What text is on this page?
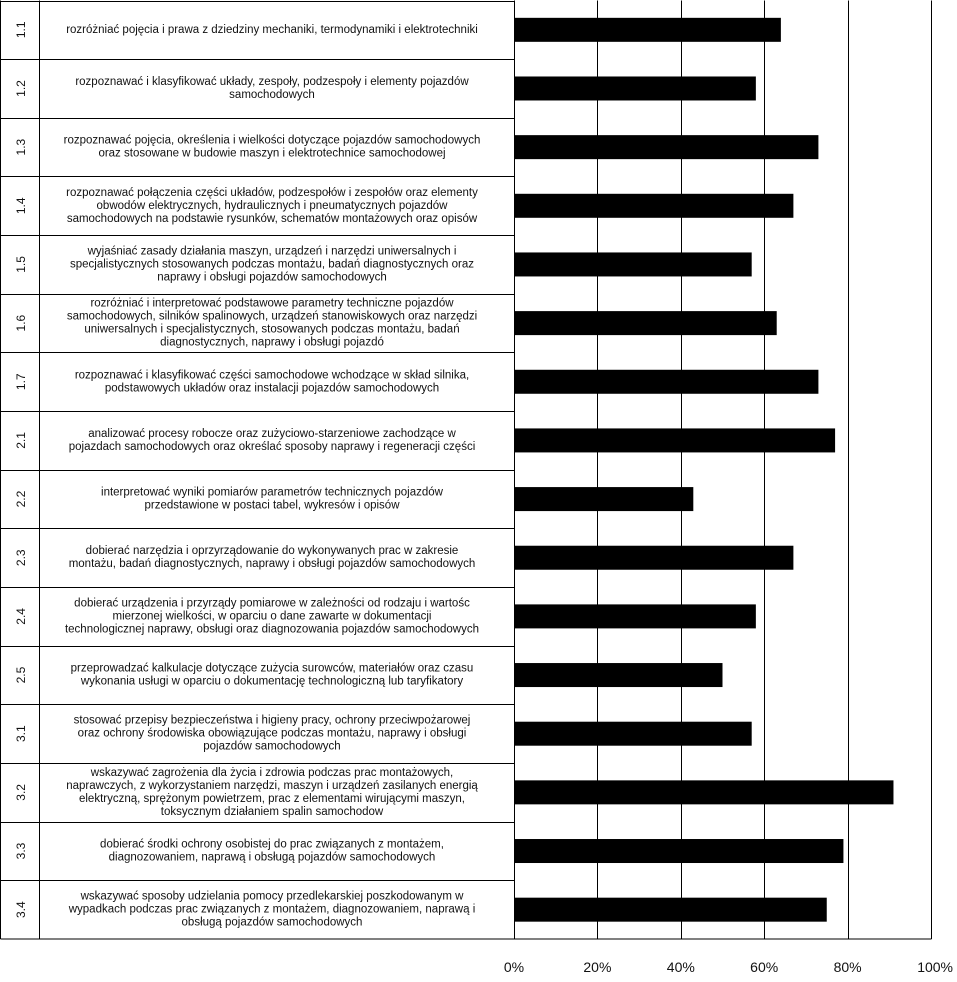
1.1	rozróżniać pojęcia i prawa z dziedziny mechaniki, termodynamiki i elektrotechniki
1.2	rozpoznawać i klasyfikować układy, zespoły, podzespoły i elementy pojazdów
samochodowych
1.3	rozpoznawać pojęcia, określenia i wielkości dotyczące pojazdów samochodowych
oraz stosowane w budowie maszyn i elektrotechnice samochodowej
1.4
rozpoznawać połączenia części układów, podzespołów i zespołów oraz elementy
obwodów elektrycznych, hydraulicznych i pneumatycznych pojazdów
samochodowych na podstawie rysunków, schematów montażowych oraz opisów
1.5
wyjaśniać zasady działania maszyn, urządzeń i narzędzi uniwersalnych i
specjalistycznych stosowanych podczas montażu, badań diagnostycznych oraz
naprawy i obsługi pojazdów samochodowych
1.6
rozróżniać i interpretować podstawowe parametry techniczne pojazdów
samochodowych, silników spalinowych, urządzeń stanowiskowych oraz narzędzi
uniwersalnych i specjalistycznych, stosowanych podczas montażu, badań
diagnostycznych, naprawy i obsługi pojazdó
1.7	rozpoznawać i klasyfikować części samochodowe wchodzące w skład silnika,
podstawowych układów oraz instalacji pojazdów samochodowych
2.1	analizować procesy robocze oraz zużyciowo-starzeniowe zachodzące w
pojazdach samochodowych oraz określać sposoby naprawy i regeneracji części
2.2	interpretować wyniki pomiarów parametrów technicznych pojazdów
przedstawione w postaci tabel, wykresów i opisów
2.3	dobierać narzędzia i oprzyrządowanie do wykonywanych prac w zakresie
montażu, badań diagnostycznych, naprawy i obsługi pojazdów samochodowych
2.4
dobierać urządzenia i przyrządy pomiarowe w zależności od rodzaju i wartośc
mierzonej wielkości, w oparciu o dane zawarte w dokumentacji
technologicznej naprawy, obsługi oraz diagnozowania pojazdów samochodowych
2.5	przeprowadzać kalkulacje dotyczące zużycia surowców, materiałów oraz czasu
wykonania usługi w oparciu o dokumentację technologiczną lub taryfikatory
3.1
stosować przepisy bezpieczeństwa i higieny pracy, ochrony przeciwpożarowej
oraz ochrony środowiska obowiązujące podczas montażu, naprawy i obsługi
pojazdów samochodowych
3.2
wskazywać zagrożenia dla życia i zdrowia podczas prac montażowych,
naprawczych, z wykorzystaniem narzędzi, maszyn i urządzeń zasilanych energią
elektryczną, sprężonym powietrzem, prac z elementami wirującymi maszyn,
toksycznym działaniem spalin samochodow
3.3	dobierać środki ochrony osobistej do prac związanych z montażem,
diagnozowaniem, naprawą i obsługą pojazdów samochodowych
3.4
wskazywać sposoby udzielania pomocy przedlekarskiej poszkodowanym w
wypadkach podczas prac związanych z montażem, diagnozowaniem, naprawą i
obsługą pojazdów samochodowych
0%	20%	40%	60%	80%	100%
